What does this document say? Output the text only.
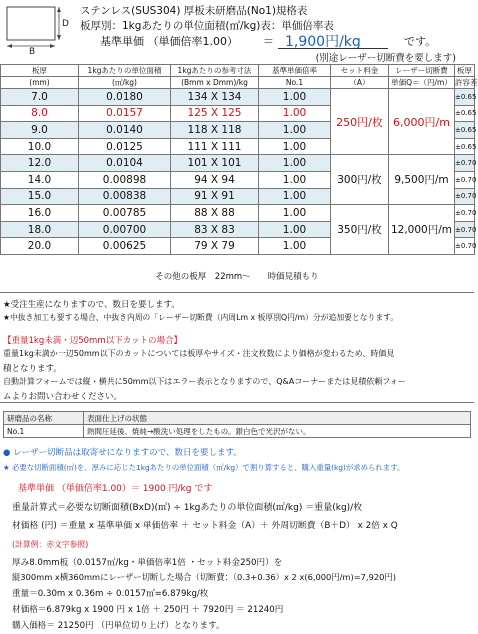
D
B
ステンレス(SUS304) 厚板未研磨品(No1)規格表
板厚別：1kgあたりの単位面積(㎡/kg)表：単価倍率表
基準単価 （単価倍率1.00） ＝ 1,900円/kg	です。
(別途レーザー切断費を要します)
板厚	1kgあたりの単位面積	1kgあたりの参考寸法	基準単価倍率	セット料金	レーザー切断費	板厚
(mm)	(㎡/kg)	(Bmm x Dmm)/kg	No.1	（A）	単価Q＝（円/m）	許容差
7.0	0.0180	134 X 134	1.00	250円/枚	6,000円/m	±0.65
8.0	0.0157	125 X 125	1.00			±0.65
9.0	0.0140	118 X 118	1.00			±0.65
10.0	0.0125	111 X 111	1.00			±0.65
12.0	0.0104	101 X 101	1.00	300円/枚	9,500円/m	±0.70
14.0	0.00898	94 X 94	1.00			±0.70
15.0	0.00838	91 X 91	1.00			±0.70
16.0	0.00785	88 X 88	1.00	350円/枚	12,000円/m	±0.70
18.0	0.00700	83 X 83	1.00			±0.70
20.0	0.00625	79 X 79	1.00			±0.70
その他の板厚　22mm〜　　時価見積もり
★受注生産になりますので、数日を要します。
★中抜き加工も要する場合、中抜き内周の「レーザー切断費（内周Lm x 板厚別Q円/m）分が追加要となります。
【重量1kg未満・辺50mm以下カットの場合】
重量1kg未満か一辺50mm以下のカットについては板厚やサイズ・注文枚数により価格が変わるため、時価見
積となります。
自動計算フォームでは縦・横共に50mm以下はエラー表示となりますので、Q&Aコーナーまたは見積依頼フォー
ムよりお問い合わせください。
研磨品の名称	表面仕上げの状態
No.1	熱間圧延後、焼純→酸洗い処理をしたもの。銀白色で光沢がない。
● レーザー切断品は取寄せになりますので、数日を要します。
★ 必要な切断面積(㎡)を、厚みに応じた1kgあたりの単位面積（㎡/kg）で割り算すると、購入重量(kg)が求められます。
基準単価 （単価倍率1.00）＝ 1900 円/kg です
重量計算式＝必要な切断面積(BxD)(㎡) ÷ 1kgあたりの単位面積(㎡/kg) ＝重量(kg)/枚
材価格 (円) ＝重量 x 基準単価 x 単価倍率 ＋ セット料金（A）＋ 外周切断費（B＋D） x 2倍 x Q
(計算例：赤文字参照)
厚み8.0mm板（0.0157㎡/kg・単価倍率1倍 ・セット料金250円）を
縦300mm x横360mmにレーザー切断した場合（切断費：（0.3+0.36）x 2 x(6,000円/m)=7,920円)
重量＝0.30m x 0.36m ÷ 0.0157㎡=6.879kg/枚
材価格＝6.879kg x 1900 円 x 1倍 ＋ 250円 ＋ 7920円 ＝ 21240円
購入価格＝ 21250円 （円単位切り上げ）となります。
